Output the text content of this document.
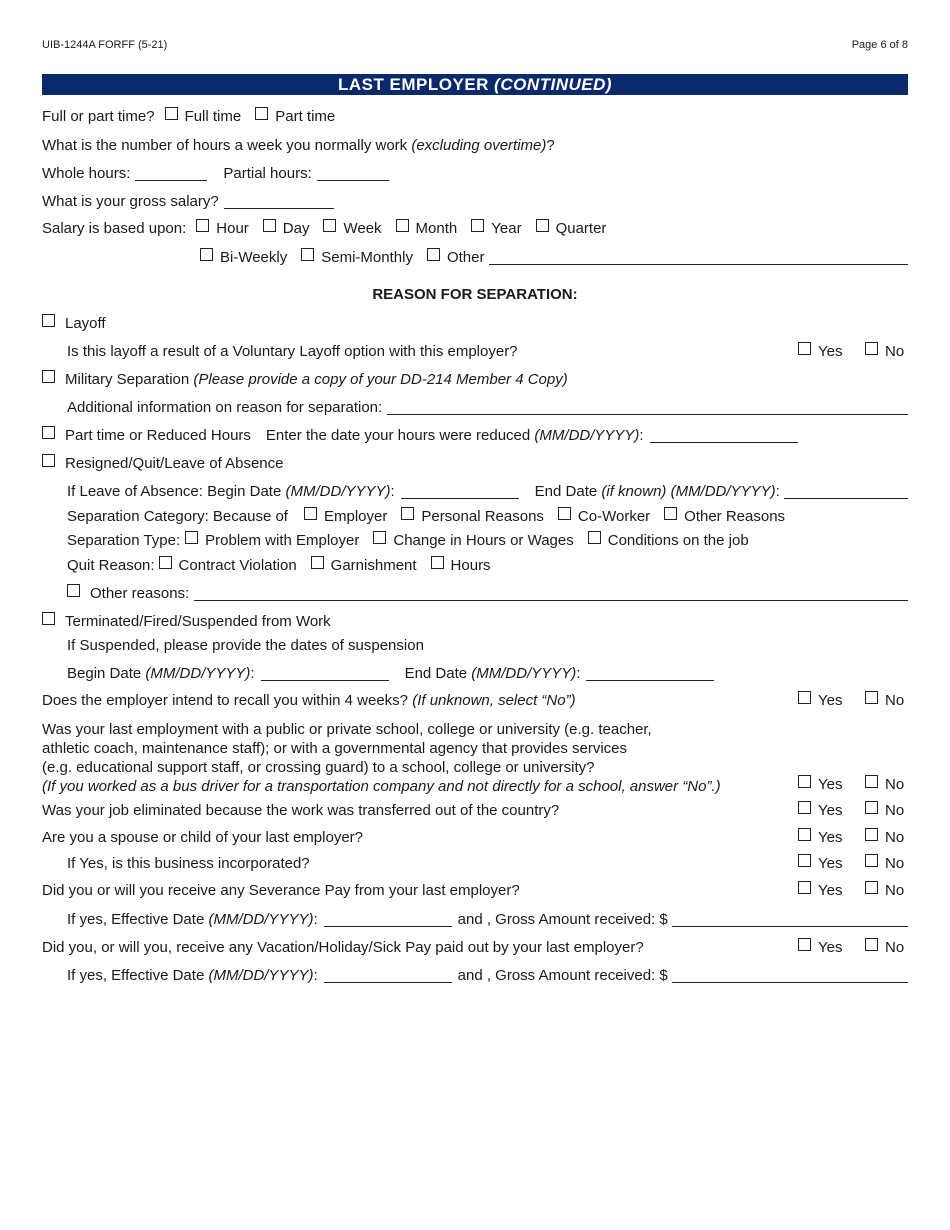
UIB-1244A FORFF (5-21)	Page 6 of 8
LAST EMPLOYER (CONTINUED)
Full or part time? Full time Part time
What is the number of hours a week you normally work
(excluding overtime) ?
Whole hours:	Partial hours:
What is your gross salary?
Salary is based upon: Hour Day Week Month Year Quarter
Bi-Weekly Semi-Monthly Other
REASON FOR SEPARATION:
Layoff
Is this layoff a result of a Voluntary Layoff option with this employer?	Yes	No
Military Separation
(Please provide a copy of your DD-214 Member 4 Copy)
Additional information on reason for separation:
Part time or Reduced Hours Enter the date your hours were reduced
(MM/DD/YYYY) :
Resigned/Quit/Leave of Absence
If Leave of Absence: Begin Date
(MM/DD/YYYY) :	End Date
(if known) (MM/DD/YYYY) :
Separation Category: Because of Employer Personal Reasons Co-Worker Other Reasons
Separation Type: Problem with Employer Change in Hours or Wages Conditions on the job
Quit Reason: Contract Violation Garnishment Hours
Other reasons:
Terminated/Fired/Suspended from Work
If Suspended, please provide the dates of suspension
Begin Date
(MM/DD/YYYY) :	End Date
(MM/DD/YYYY) :
Does the employer intend to recall you within 4 weeks?
(If unknown, select “No”)	Yes	No
Was your last employment with a public or private school, college or university (e.g. teacher,
athletic coach, maintenance staff); or with a governmental agency that provides services
(e.g. educational support staff, or crossing guard) to a school, college or university?
(If you worked as a bus driver for a transportation company and not directly for a school, answer “No”.)	Yes	No
Was your job eliminated because the work was transferred out of the country?	Yes	No
Are you a spouse or child of your last employer?	Yes	No
If Yes, is this business incorporated?	Yes	No
Did you or will you receive any Severance Pay from your last employer?	Yes	No
If yes, Effective Date
(MM/DD/YYYY) :	and , Gross Amount received: $
Did you, or will you, receive any Vacation/Holiday/Sick Pay paid out by your last employer?	Yes	No
If yes, Effective Date
(MM/DD/YYYY) :	and , Gross Amount received: $
